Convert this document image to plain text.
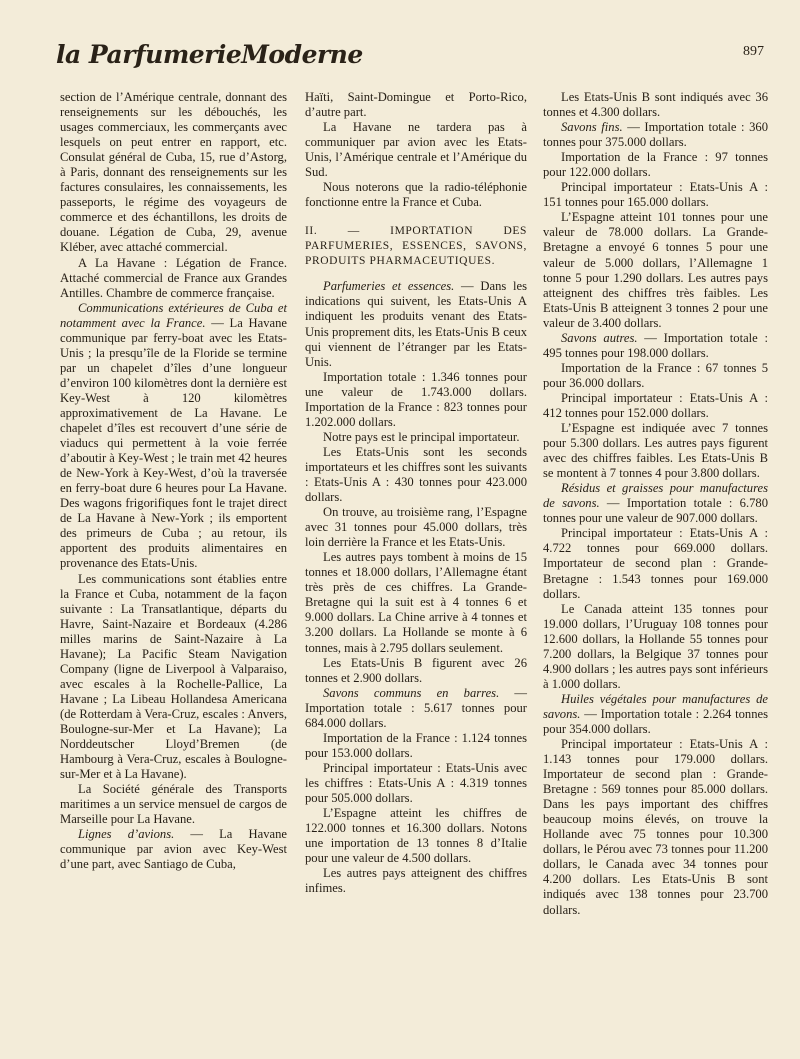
la ParfumerieModerne	897

section de l’Amérique centrale, donnant des renseignements sur les débouchés, les usages commerciaux, les commerçants avec lesquels on peut entrer en rapport, etc. Consulat général de Cuba, 15, rue d’Astorg, à Paris, donnant des renseignements sur les factures consulaires, les connaissements, les passeports, le régime des voyageurs de commerce et des échantillons, les droits de douane. Légation de Cuba, 29, avenue Kléber, avec attaché commercial.

A La Havane : Légation de France. Attaché commercial de France aux Grandes Antilles. Chambre de commerce française.

Communications extérieures de Cuba et notamment avec la France. — La Havane communique par ferry-boat avec les Etats-Unis ; la presqu’île de la Floride se termine par un chapelet d’îles d’une longueur d’environ 100 kilomètres dont la dernière est Key-West à 120 kilomètres approximativement de La Havane. Le chapelet d’îles est recouvert d’une série de viaducs qui permettent à la voie ferrée d’aboutir à Key-West ; le train met 42 heures de New-York à Key-West, d’où la traversée en ferry-boat dure 6 heures pour La Havane. Des wagons frigorifiques font le trajet direct de La Havane à New-York ; ils emportent des primeurs de Cuba ; au retour, ils apportent des produits alimentaires en provenance des Etats-Unis.

Les communications sont établies entre la France et Cuba, notamment de la façon suivante : La Transatlantique, départs du Havre, Saint-Nazaire et Bordeaux (4.286 milles marins de Saint-Nazaire à La Havane); La Pacific Steam Navigation Company (ligne de Liverpool à Valparaiso, avec escales à la Rochelle-Pallice, La Havane ; La Libeau Hollandesa Americana (de Rotterdam à Vera-Cruz, escales : Anvers, Boulogne-sur-Mer et La Havane); La Norddeutscher Lloyd’Bremen (de Hambourg à Vera-Cruz, escales à Boulogne-sur-Mer et à La Havane).

La Société générale des Transports maritimes a un service mensuel de cargos de Marseille pour La Havane.

Lignes d’avions. — La Havane communique par avion avec Key-West d’une part, avec Santiago de Cuba,

Haïti, Saint-Domingue et Porto-Rico, d’autre part.

La Havane ne tardera pas à communiquer par avion avec les Etats-Unis, l’Amérique centrale et l’Amérique du Sud.

Nous noterons que la radio-téléphonie fonctionne entre la France et Cuba.

II. — IMPORTATION DES PARFUMERIES, ESSENCES, SAVONS, PRODUITS PHARMACEUTIQUES.

Parfumeries et essences. — Dans les indications qui suivent, les Etats-Unis A indiquent les produits venant des Etats-Unis proprement dits, les Etats-Unis B ceux qui viennent de l’étranger par les Etats-Unis.

Importation totale : 1.346 tonnes pour une valeur de 1.743.000 dollars. Importation de la France : 823 tonnes pour 1.202.000 dollars.

Notre pays est le principal importateur.

Les Etats-Unis sont les seconds importateurs et les chiffres sont les suivants : Etats-Unis A : 430 tonnes pour 423.000 dollars.

On trouve, au troisième rang, l’Espagne avec 31 tonnes pour 45.000 dollars, très loin derrière la France et les Etats-Unis.

Les autres pays tombent à moins de 15 tonnes et 18.000 dollars, l’Allemagne étant très près de ces chiffres. La Grande-Bretagne qui la suit est à 4 tonnes 6 et 9.000 dollars. La Chine arrive à 4 tonnes et 3.200 dollars. La Hollande se monte à 6 tonnes, mais à 2.795 dollars seulement.

Les Etats-Unis B figurent avec 26 tonnes et 2.900 dollars.

Savons communs en barres. — Importation totale : 5.617 tonnes pour 684.000 dollars.

Importation de la France : 1.124 tonnes pour 153.000 dollars.

Principal importateur : Etats-Unis avec les chiffres : Etats-Unis A : 4.319 tonnes pour 505.000 dollars.

L’Espagne atteint les chiffres de 122.000 tonnes et 16.300 dollars. Notons une importation de 13 tonnes 8 d’Italie pour une valeur de 4.500 dollars.

Les autres pays atteignent des chiffres infimes.

Les Etats-Unis B sont indiqués avec 36 tonnes et 4.300 dollars.

Savons fins. — Importation totale : 360 tonnes pour 375.000 dollars.

Importation de la France : 97 tonnes pour 122.000 dollars.

Principal importateur : Etats-Unis A : 151 tonnes pour 165.000 dollars.

L’Espagne atteint 101 tonnes pour une valeur de 78.000 dollars. La Grande-Bretagne a envoyé 6 tonnes 5 pour une valeur de 5.000 dollars, l’Allemagne 1 tonne 5 pour 1.290 dollars. Les autres pays atteignent des chiffres très faibles. Les Etats-Unis B atteignent 3 tonnes 2 pour une valeur de 3.400 dollars.

Savons autres. — Importation totale : 495 tonnes pour 198.000 dollars.

Importation de la France : 67 tonnes 5 pour 36.000 dollars.

Principal importateur : Etats-Unis A : 412 tonnes pour 152.000 dollars.

L’Espagne est indiquée avec 7 tonnes pour 5.300 dollars. Les autres pays figurent avec des chiffres faibles. Les Etats-Unis B se montent à 7 tonnes 4 pour 3.800 dollars.

Résidus et graisses pour manufactures de savons. — Importation totale : 6.780 tonnes pour une valeur de 907.000 dollars.

Principal importateur : Etats-Unis A : 4.722 tonnes pour 669.000 dollars. Importateur de second plan : Grande-Bretagne : 1.543 tonnes pour 169.000 dollars.

Le Canada atteint 135 tonnes pour 19.000 dollars, l’Uruguay 108 tonnes pour 12.600 dollars, la Hollande 55 tonnes pour 7.200 dollars, la Belgique 37 tonnes pour 4.900 dollars ; les autres pays sont inférieurs à 1.000 dollars.

Huiles végétales pour manufactures de savons. — Importation totale : 2.264 tonnes pour 354.000 dollars.

Principal importateur : Etats-Unis A : 1.143 tonnes pour 179.000 dollars. Importateur de second plan : Grande-Bretagne : 569 tonnes pour 85.000 dollars. Dans les pays important des chiffres beaucoup moins élevés, on trouve la Hollande avec 75 tonnes pour 10.300 dollars, le Pérou avec 73 tonnes pour 11.200 dollars, le Canada avec 34 tonnes pour 4.200 dollars. Les Etats-Unis B sont indiqués avec 138 tonnes pour 23.700 dollars.
